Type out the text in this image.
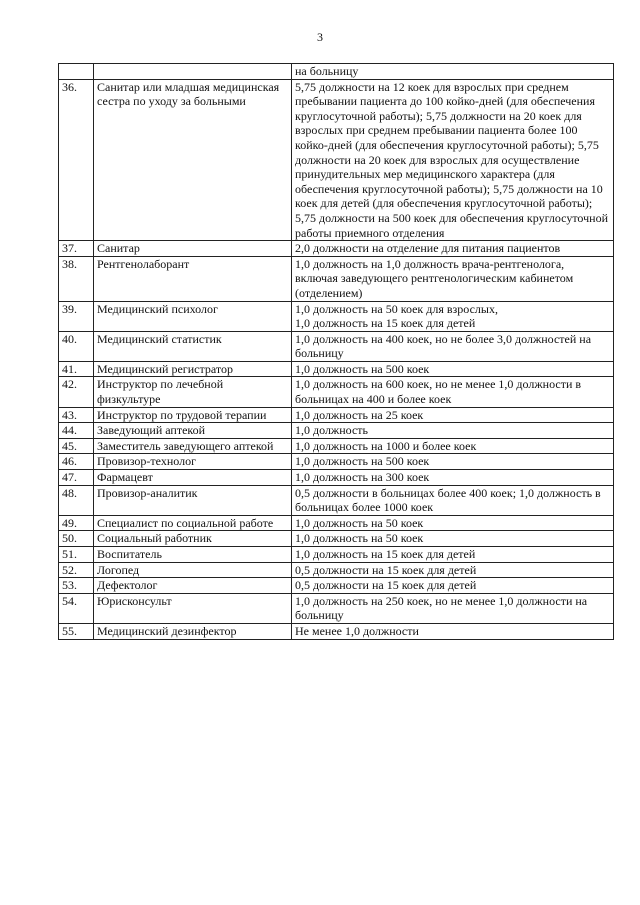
3
		на больницу
36.	Санитар или младшая медицинская сестра по уходу за больными	5,75 должности на 12 коек для взрослых при среднем пребывании пациента до 100 койко-дней (для обеспечения круглосуточной работы); 5,75 должности на 20 коек для взрослых при среднем пребывании пациента более 100 койко-дней (для обеспечения круглосуточной работы); 5,75 должности на 20 коек для взрослых для осуществление принудительных мер медицинского характера (для обеспечения круглосуточной работы); 5,75 должности на 10 коек для детей (для обеспечения круглосуточной работы); 5,75 должности на 500 коек для обеспечения круглосуточной работы приемного отделения
37.	Санитар	2,0 должности на отделение для питания пациентов
38.	Рентгенолаборант	1,0 должность на 1,0 должность врача-рентгенолога, включая заведующего рентгенологическим кабинетом (отделением)
39.	Медицинский психолог	1,0 должность на 50 коек для взрослых,
1,0 должность на 15 коек для детей
40.	Медицинский статистик	1,0 должность на 400 коек, но не более 3,0 должностей на больницу
41.	Медицинский регистратор	1,0 должность на 500 коек
42.	Инструктор по лечебной физкультуре	1,0 должность на 600 коек, но не менее 1,0 должности в больницах на 400 и более коек
43.	Инструктор по трудовой терапии	1,0 должность на 25 коек
44.	Заведующий аптекой	1,0 должность
45.	Заместитель заведующего аптекой	1,0 должность на 1000 и более коек
46.	Провизор-технолог	1,0 должность на 500 коек
47.	Фармацевт	1,0 должность на 300 коек
48.	Провизор-аналитик	0,5 должности в больницах более 400 коек; 1,0 должность в больницах более 1000 коек
49.	Специалист по социальной работе	1,0 должность на 50 коек
50.	Социальный работник	1,0 должность на 50 коек
51.	Воспитатель	1,0 должность на 15 коек для детей
52.	Логопед	0,5 должности на 15 коек для детей
53.	Дефектолог	0,5 должности на 15 коек для детей
54.	Юрисконсульт	1,0 должность на 250 коек, но не менее 1,0 должности на больницу
55.	Медицинский дезинфектор	Не менее 1,0 должности
